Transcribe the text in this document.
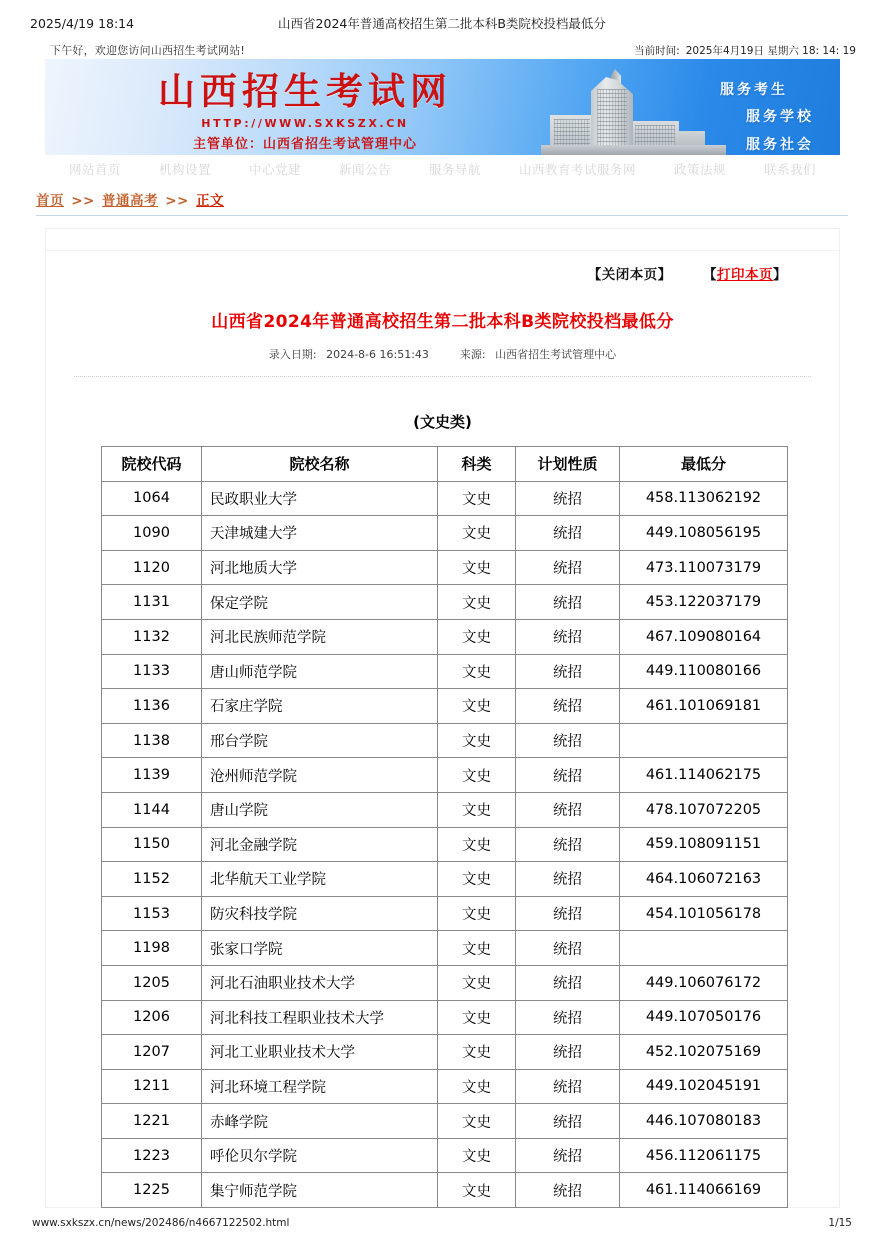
2025/4/19 18:14	山西省2024年普通高校招生第二批本科B类院校投档最低分
下午好，欢迎您访问山西招生考试网站!	当前时间: 2025年4月19日 星期六 18: 14: 19
山西招生考试网
HTTP://WWW.SXKSZX.CN
主管单位：山西省招生考试管理中心
服务考生
服务学校
服务社会
网站首页	机构设置	中心党建	新闻公告	服务导航	山西教育考试服务网	政策法规	联系我们
首页 >> 普通高考 >> 正文
【关闭本页】 【打印本页】
山西省2024年普通高校招生第二批本科B类院校投档最低分
录入日期: 2024-8-6 16:51:43	来源: 山西省招生考试管理中心
(文史类)
院校代码	院校名称	科类	计划性质	最低分
1064	民政职业大学	文史	统招	458.113062192
1090	天津城建大学	文史	统招	449.108056195
1120	河北地质大学	文史	统招	473.110073179
1131	保定学院	文史	统招	453.122037179
1132	河北民族师范学院	文史	统招	467.109080164
1133	唐山师范学院	文史	统招	449.110080166
1136	石家庄学院	文史	统招	461.101069181
1138	邢台学院	文史	统招	
1139	沧州师范学院	文史	统招	461.114062175
1144	唐山学院	文史	统招	478.107072205
1150	河北金融学院	文史	统招	459.108091151
1152	北华航天工业学院	文史	统招	464.106072163
1153	防灾科技学院	文史	统招	454.101056178
1198	张家口学院	文史	统招	
1205	河北石油职业技术大学	文史	统招	449.106076172
1206	河北科技工程职业技术大学	文史	统招	449.107050176
1207	河北工业职业技术大学	文史	统招	452.102075169
1211	河北环境工程学院	文史	统招	449.102045191
1221	赤峰学院	文史	统招	446.107080183
1223	呼伦贝尔学院	文史	统招	456.112061175
1225	集宁师范学院	文史	统招	461.114066169
www.sxkszx.cn/news/202486/n4667122502.html	1/15
